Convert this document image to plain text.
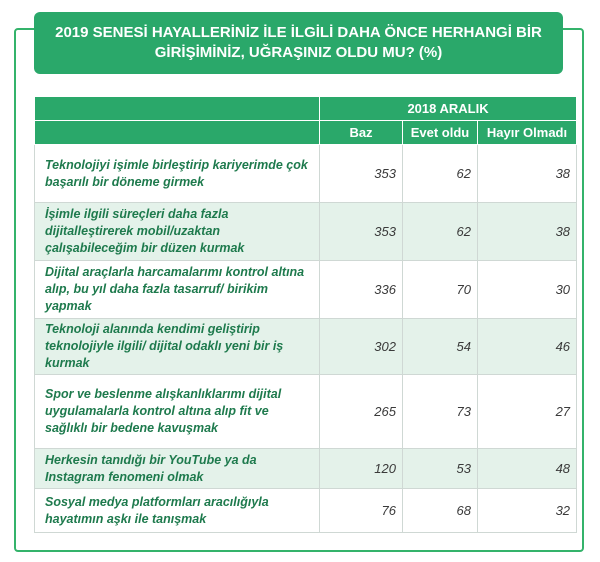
2019 SENESİ HAYALLERİNİZ İLE İLGİLİ DAHA ÖNCE HERHANGİ BİR
GİRİŞİMİNİZ, UĞRAŞINIZ OLDU MU? (%)
	2018 ARALIK		
	Baz	Evet oldu	Hayır Olmadı
Teknolojiyi işimle birleştirip kariyerimde çok başarılı bir döneme girmek	353	62	38
İşimle ilgili süreçleri daha fazla dijitalleştirerek mobil/uzaktan çalışabileceğim bir düzen kurmak	353	62	38
Dijital araçlarla harcamalarımı kontrol altına alıp, bu yıl daha fazla tasarruf/ birikim yapmak	336	70	30
Teknoloji alanında kendimi geliştirip teknolojiyle ilgili/ dijital odaklı yeni bir iş kurmak	302	54	46
Spor ve beslenme alışkanlıklarımı dijital uygulamalarla kontrol altına alıp fit ve sağlıklı bir bedene kavuşmak	265	73	27
Herkesin tanıdığı bir YouTube ya da Instagram fenomeni olmak	120	53	48
Sosyal medya platformları aracılığıyla hayatımın aşkı ile tanışmak	76	68	32
